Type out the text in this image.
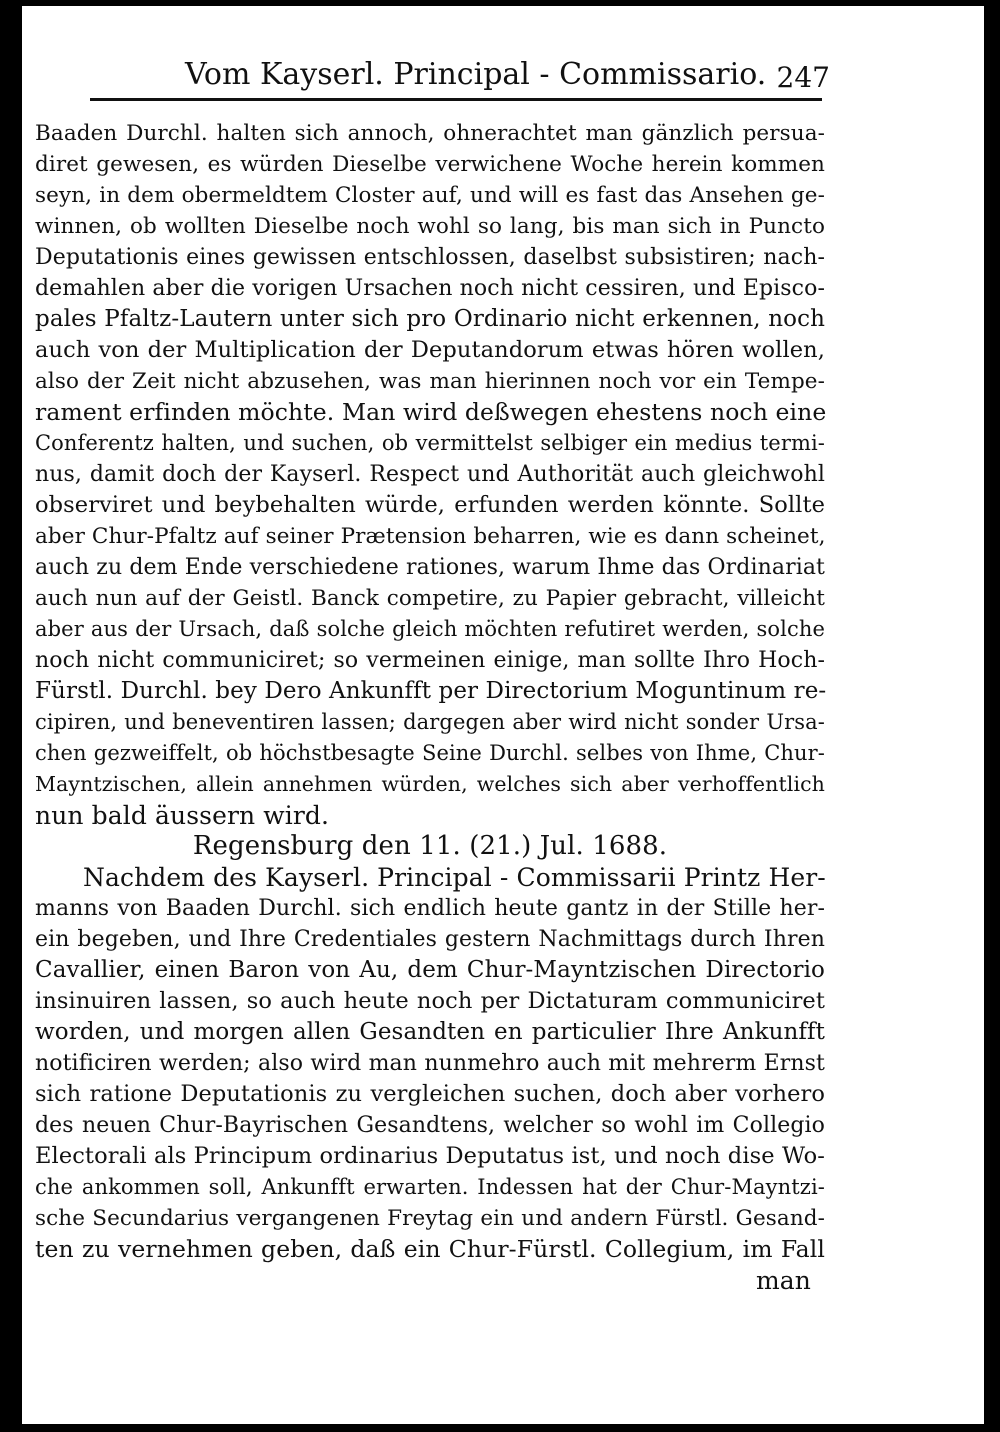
Vom Kayserl. Principal - Commissario. 247
Baaden Durchl. halten sich annoch, ohnerachtet man gänzlich persua-
diret gewesen, es würden Dieselbe verwichene Woche herein kommen
seyn, in dem obermeldtem Closter auf, und will es fast das Ansehen ge-
winnen, ob wollten Dieselbe noch wohl so lang, bis man sich in Puncto
Deputationis eines gewissen entschlossen, daselbst subsistiren; nach-
demahlen aber die vorigen Ursachen noch nicht cessiren, und Episco-
pales Pfaltz-Lautern unter sich pro Ordinario nicht erkennen, noch
auch von der Multiplication der Deputandorum etwas hören wollen,
also der Zeit nicht abzusehen, was man hierinnen noch vor ein Tempe-
rament erfinden möchte. Man wird deßwegen ehestens noch eine
Conferentz halten, und suchen, ob vermittelst selbiger ein medius termi-
nus, damit doch der Kayserl. Respect und Authorität auch gleichwohl
observiret und beybehalten würde, erfunden werden könnte. Sollte
aber Chur-Pfaltz auf seiner Prætension beharren, wie es dann scheinet,
auch zu dem Ende verschiedene rationes, warum Ihme das Ordinariat
auch nun auf der Geistl. Banck competire, zu Papier gebracht, villeicht
aber aus der Ursach, daß solche gleich möchten refutiret werden, solche
noch nicht communiciret; so vermeinen einige, man sollte Ihro Hoch-
Fürstl. Durchl. bey Dero Ankunfft per Directorium Moguntinum re-
cipiren, und beneventiren lassen; dargegen aber wird nicht sonder Ursa-
chen gezweiffelt, ob höchstbesagte Seine Durchl. selbes von Ihme, Chur-
Mayntzischen, allein annehmen würden, welches sich aber verhoffentlich
nun bald äussern wird.
Regensburg den 11. (21.) Jul. 1688.
Nachdem des Kayserl. Principal - Commissarii Printz Her-
manns von Baaden Durchl. sich endlich heute gantz in der Stille her-
ein begeben, und Ihre Credentiales gestern Nachmittags durch Ihren
Cavallier, einen Baron von Au, dem Chur-Mayntzischen Directorio
insinuiren lassen, so auch heute noch per Dictaturam communiciret
worden, und morgen allen Gesandten en particulier Ihre Ankunfft
notificiren werden; also wird man nunmehro auch mit mehrerm Ernst
sich ratione Deputationis zu vergleichen suchen, doch aber vorhero
des neuen Chur-Bayrischen Gesandtens, welcher so wohl im Collegio
Electorali als Principum ordinarius Deputatus ist, und noch dise Wo-
che ankommen soll, Ankunfft erwarten. Indessen hat der Chur-Mayntzi-
sche Secundarius vergangenen Freytag ein und andern Fürstl. Gesand-
ten zu vernehmen geben, daß ein Chur-Fürstl. Collegium, im Fall
man
